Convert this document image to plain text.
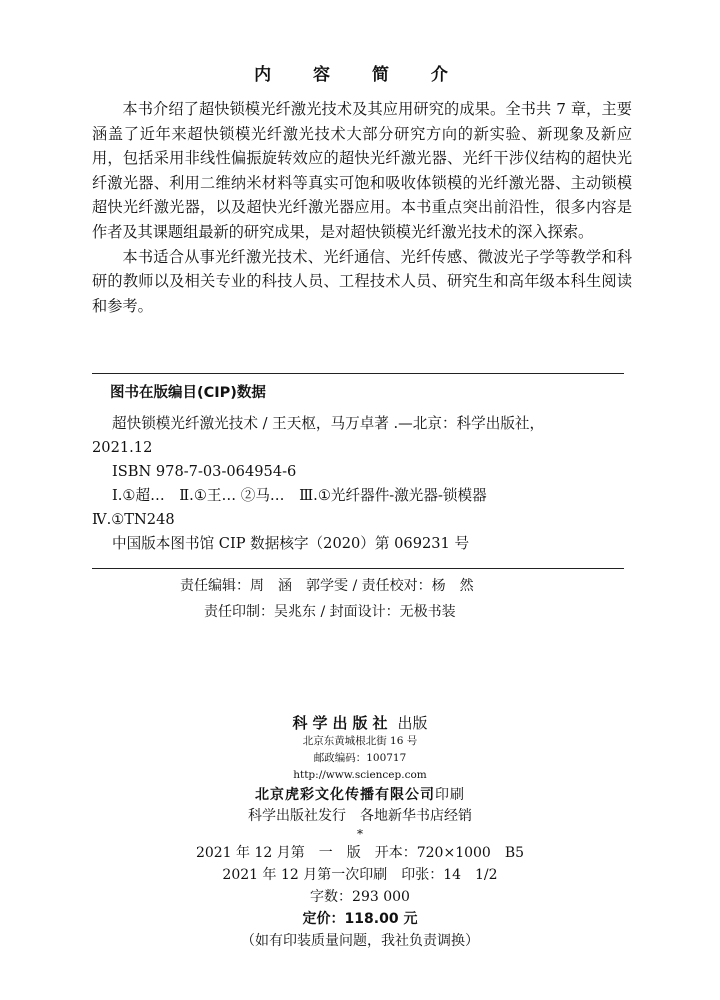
内 容 简 介

本书介绍了超快锁模光纤激光技术及其应用研究的成果。全书共 7 章，主要涵盖了近年来超快锁模光纤激光技术大部分研究方向的新实验、新现象及新应用，包括采用非线性偏振旋转效应的超快光纤激光器、光纤干涉仪结构的超快光纤激光器、利用二维纳米材料等真实可饱和吸收体锁模的光纤激光器、主动锁模超快光纤激光器，以及超快光纤激光器应用。本书重点突出前沿性，很多内容是作者及其课题组最新的研究成果，是对超快锁模光纤激光技术的深入探索。

本书适合从事光纤激光技术、光纤通信、光纤传感、微波光子学等教学和科研的教师以及相关专业的科技人员、工程技术人员、研究生和高年级本科生阅读和参考。

图书在版编目(CIP)数据
超快锁模光纤激光技术 / 王天枢，马万卓著 .—北京：科学出版社，
2021.12
ISBN 978-7-03-064954-6
Ⅰ.①超…　Ⅱ.①王… ②马…　Ⅲ.①光纤器件-激光器-锁模器
Ⅳ.①TN248
中国版本图书馆 CIP 数据核字（2020）第 069231 号
责任编辑：周　涵　郭学雯 / 责任校对：杨　然
责任印制：吴兆东 / 封面设计：无极书装
科学出版社 出版
北京东黄城根北街 16 号
邮政编码：100717
http://www.sciencep.com
北京虎彩文化传播有限公司印刷
科学出版社发行　各地新华书店经销
*
2021 年 12 月第　一　版　开本：720×1000　B5
2021 年 12 月第一次印刷　印张：14　1/2
字数：293 000
定价：118.00 元
（如有印装质量问题，我社负责调换）
